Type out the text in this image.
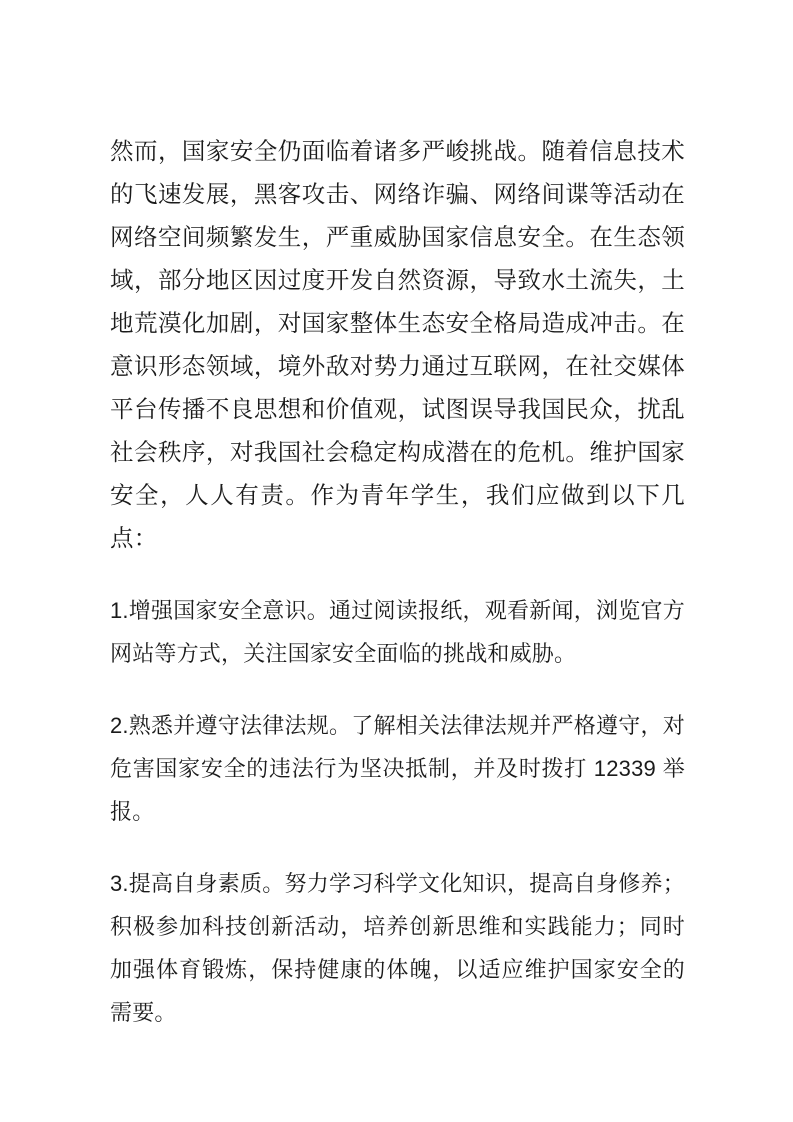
然而，国家安全仍面临着诸多严峻挑战。随着信息技术的飞速发展，黑客攻击、网络诈骗、网络间谍等活动在网络空间频繁发生，严重威胁国家信息安全。在生态领域，部分地区因过度开发自然资源，导致水土流失，土地荒漠化加剧，对国家整体生态安全格局造成冲击。在意识形态领域，境外敌对势力通过互联网，在社交媒体平台传播不良思想和价值观，试图误导我国民众，扰乱社会秩序，对我国社会稳定构成潜在的危机。维护国家安全，人人有责。作为青年学生，我们应做到以下几点：

1.增强国家安全意识。通过阅读报纸，观看新闻，浏览官方网站等方式，关注国家安全面临的挑战和威胁。

2.熟悉并遵守法律法规。了解相关法律法规并严格遵守，对危害国家安全的违法行为坚决抵制，并及时拨打 12339 举报。

3.提高自身素质。努力学习科学文化知识，提高自身修养；积极参加科技创新活动，培养创新思维和实践能力；同时加强体育锻炼，保持健康的体魄，以适应维护国家安全的需要。
